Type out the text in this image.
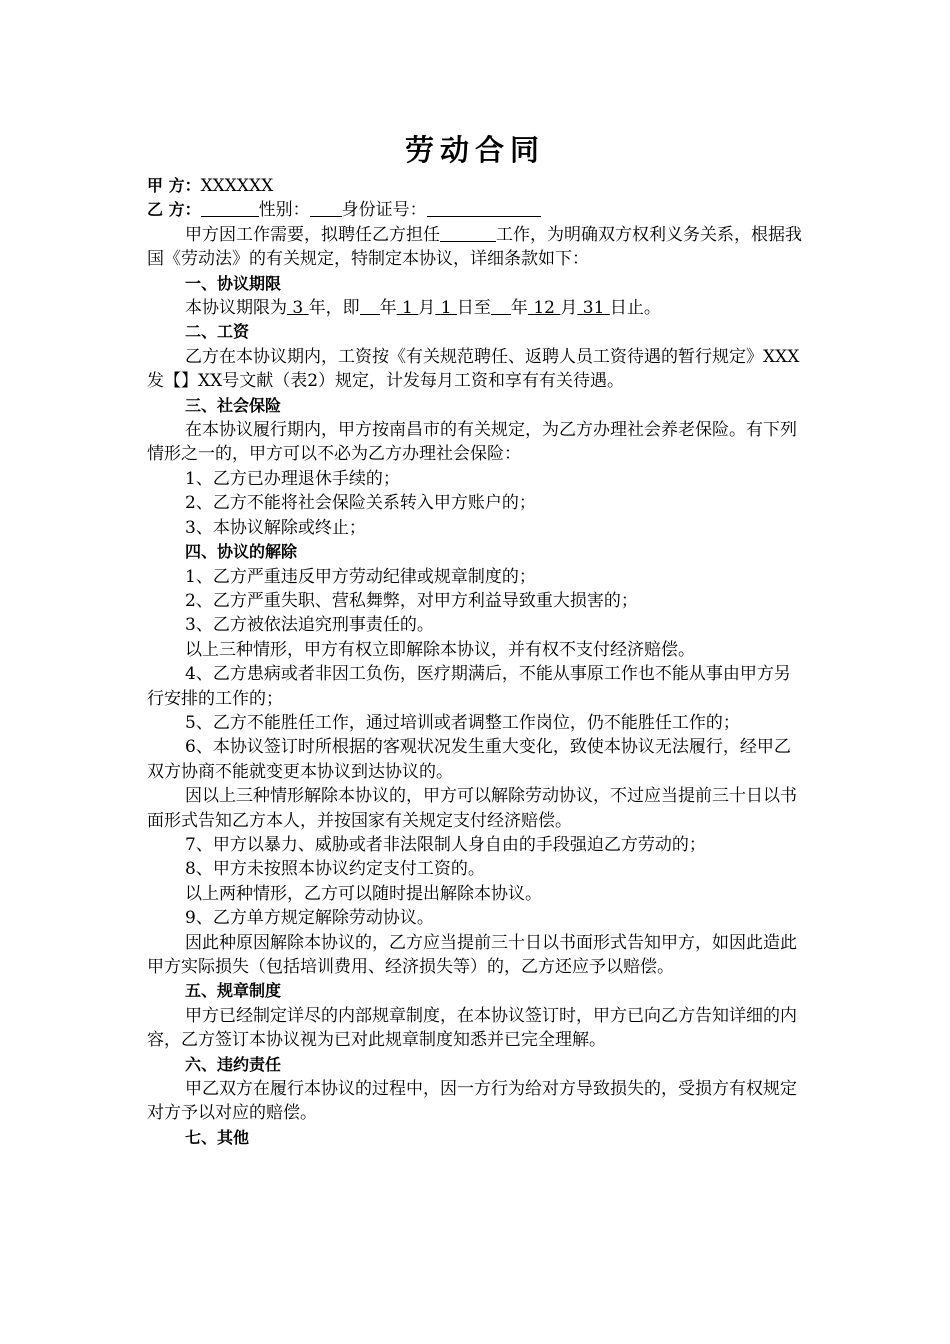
劳动合同

甲 方：XXXXXX

乙 方：	性别： 身份证号：

甲方因工作需要，拟聘任乙方担任	工作，为明确双方权利义务关系，根据我国《劳动法》的有关规定，特制定本协议，详细条款如下：

一、协议期限

本协议期限为 3 年，即 年 1 月 1 日至 年 12 月 31 日止。

二、工资

乙方在本协议期内，工资按《有关规范聘任、返聘人员工资待遇的暂行规定》XXX发【】XX号文献（表2）规定，计发每月工资和享有有关待遇。

三、社会保险

在本协议履行期内，甲方按南昌市的有关规定，为乙方办理社会养老保险。有下列情形之一的，甲方可以不必为乙方办理社会保险：

1、乙方已办理退休手续的；

2、乙方不能将社会保险关系转入甲方账户的；

3、本协议解除或终止；

四、协议的解除

1、乙方严重违反甲方劳动纪律或规章制度的；

2、乙方严重失职、营私舞弊，对甲方利益导致重大损害的；

3、乙方被依法追究刑事责任的。

以上三种情形，甲方有权立即解除本协议，并有权不支付经济赔偿。

4、乙方患病或者非因工负伤，医疗期满后，不能从事原工作也不能从事由甲方另行安排的工作的；

5、乙方不能胜任工作，通过培训或者调整工作岗位，仍不能胜任工作的；

6、本协议签订时所根据的客观状况发生重大变化，致使本协议无法履行，经甲乙双方协商不能就变更本协议到达协议的。

因以上三种情形解除本协议的，甲方可以解除劳动协议，不过应当提前三十日以书面形式告知乙方本人，并按国家有关规定支付经济赔偿。

7、甲方以暴力、威胁或者非法限制人身自由的手段强迫乙方劳动的；

8、甲方未按照本协议约定支付工资的。

以上两种情形，乙方可以随时提出解除本协议。

9、乙方单方规定解除劳动协议。

因此种原因解除本协议的，乙方应当提前三十日以书面形式告知甲方，如因此造此甲方实际损失（包括培训费用、经济损失等）的，乙方还应予以赔偿。

五、规章制度

甲方已经制定详尽的内部规章制度，在本协议签订时，甲方已向乙方告知详细的内容，乙方签订本协议视为已对此规章制度知悉并已完全理解。

六、违约责任

甲乙双方在履行本协议的过程中，因一方行为给对方导致损失的，受损方有权规定对方予以对应的赔偿。

七、其他
